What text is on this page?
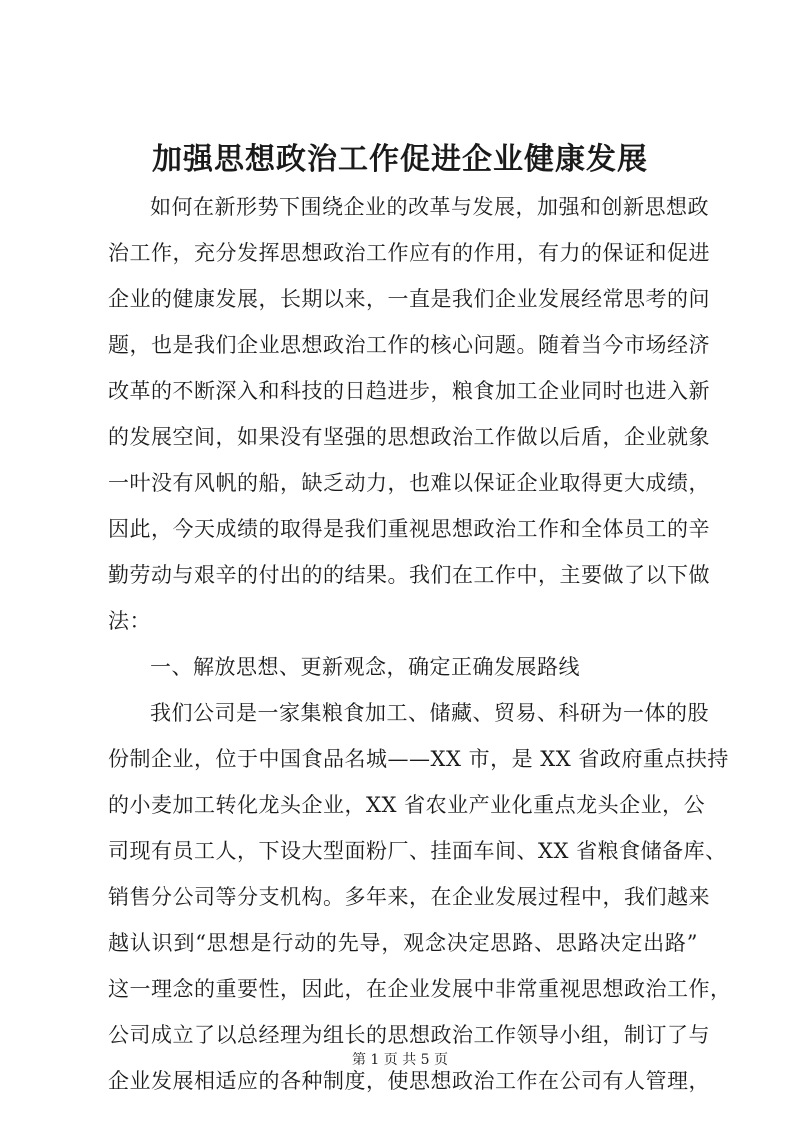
加强思想政治工作促进企业健康发展
如何在新形势下围绕企业的改革与发展，加强和创新思想政
治工作，充分发挥思想政治工作应有的作用，有力的保证和促进
企业的健康发展，长期以来，一直是我们企业发展经常思考的问
题，也是我们企业思想政治工作的核心问题。随着当今市场经济
改革的不断深入和科技的日趋进步，粮食加工企业同时也进入新
的发展空间，如果没有坚强的思想政治工作做以后盾，企业就象
一叶没有风帆的船，缺乏动力，也难以保证企业取得更大成绩，
因此，今天成绩的取得是我们重视思想政治工作和全体员工的辛
勤劳动与艰辛的付出的的结果。我们在工作中，主要做了以下做
法：
一、解放思想、更新观念，确定正确发展路线
我们公司是一家集粮食加工、储藏、贸易、科研为一体的股
份制企业，位于中国食品名城——XX 市，是 XX 省政府重点扶持
的小麦加工转化龙头企业，XX 省农业产业化重点龙头企业，公
司现有员工人，下设大型面粉厂、挂面车间、XX 省粮食储备库、
销售分公司等分支机构。多年来，在企业发展过程中，我们越来
越认识到“思想是行动的先导，观念决定思路、思路决定出路”
这一理念的重要性，因此，在企业发展中非常重视思想政治工作，
公司成立了以总经理为组长的思想政治工作领导小组，制订了与
企业发展相适应的各种制度，使思想政治工作在公司有人管理，
第 1 页 共 5 页
